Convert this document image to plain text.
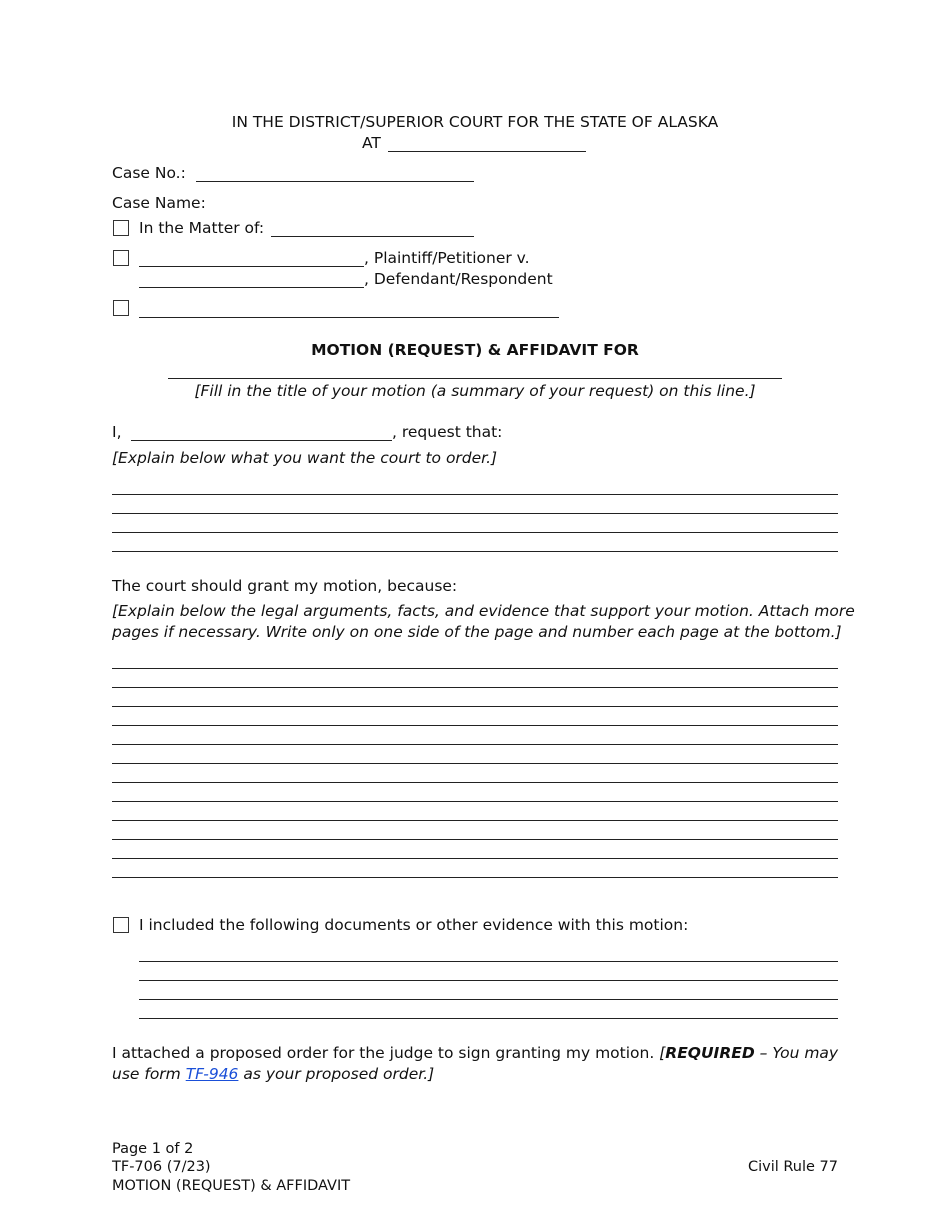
IN THE DISTRICT/SUPERIOR COURT FOR THE STATE OF ALASKA
AT
Case No.:
Case Name:
In the Matter of:
, Plaintiff/Petitioner v.
, Defendant/Respondent
MOTION (REQUEST) & AFFIDAVIT FOR
[Fill in the title of your motion (a summary of your request) on this line.]
I,	, request that:
[Explain below what you want the court to order.]
The court should grant my motion, because:
[Explain below the legal arguments, facts, and evidence that support your motion. Attach more
pages if necessary. Write only on one side of the page and number each page at the bottom.]
I included the following documents or other evidence with this motion:
I attached a proposed order for the judge to sign granting my motion. [REQUIRED – You may
use form TF-946 as your proposed order.]
Page 1 of 2
TF-706 (7/23)
MOTION (REQUEST) & AFFIDAVIT
Civil Rule 77
